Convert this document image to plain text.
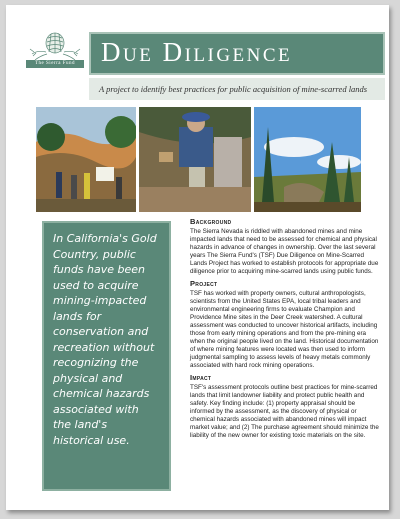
The Sierra Fund Due Diligence
A project to identify best practices for public acquisition of mine-scarred lands

In California's Gold Country, public funds have been used to acquire mining-impacted lands for conservation and recreation without recognizing the physical and chemical hazards associated with the land's historical use.

Background

The Sierra Nevada is riddled with abandoned mines and mine impacted lands that need to be assessed for chemical and physical hazards in advance of changes in ownership. Over the last several years The Sierra Fund's (TSF) Due Diligence on Mine-Scarred Lands Project has worked to establish protocols for appropriate due diligence prior to acquiring mine-scarred lands using public funds.

Project

TSF has worked with property owners, cultural anthropologists, scientists from the United States EPA, local tribal leaders and environmental engineering firms to evaluate Champion and Providence Mine sites in the Deer Creek watershed. A cultural assessment was conducted to uncover historical artifacts, including those from early mining operations and from the pre-mining era when the original people lived on the land. Historical documentation of where mining features were located was then used to inform judgmental sampling to assess levels of heavy metals commonly associated with hard rock mining operations.

Impact

TSF's assessment protocols outline best practices for mine-scarred lands that limit landowner liability and protect public health and safety. Key finding include: (1) property appraisal should be informed by the assessment, as the discovery of physical or chemical hazards associated with abandoned mines will impact market value; and (2) The purchase agreement should minimize the liability of the new owner for existing toxic materials on the site.
